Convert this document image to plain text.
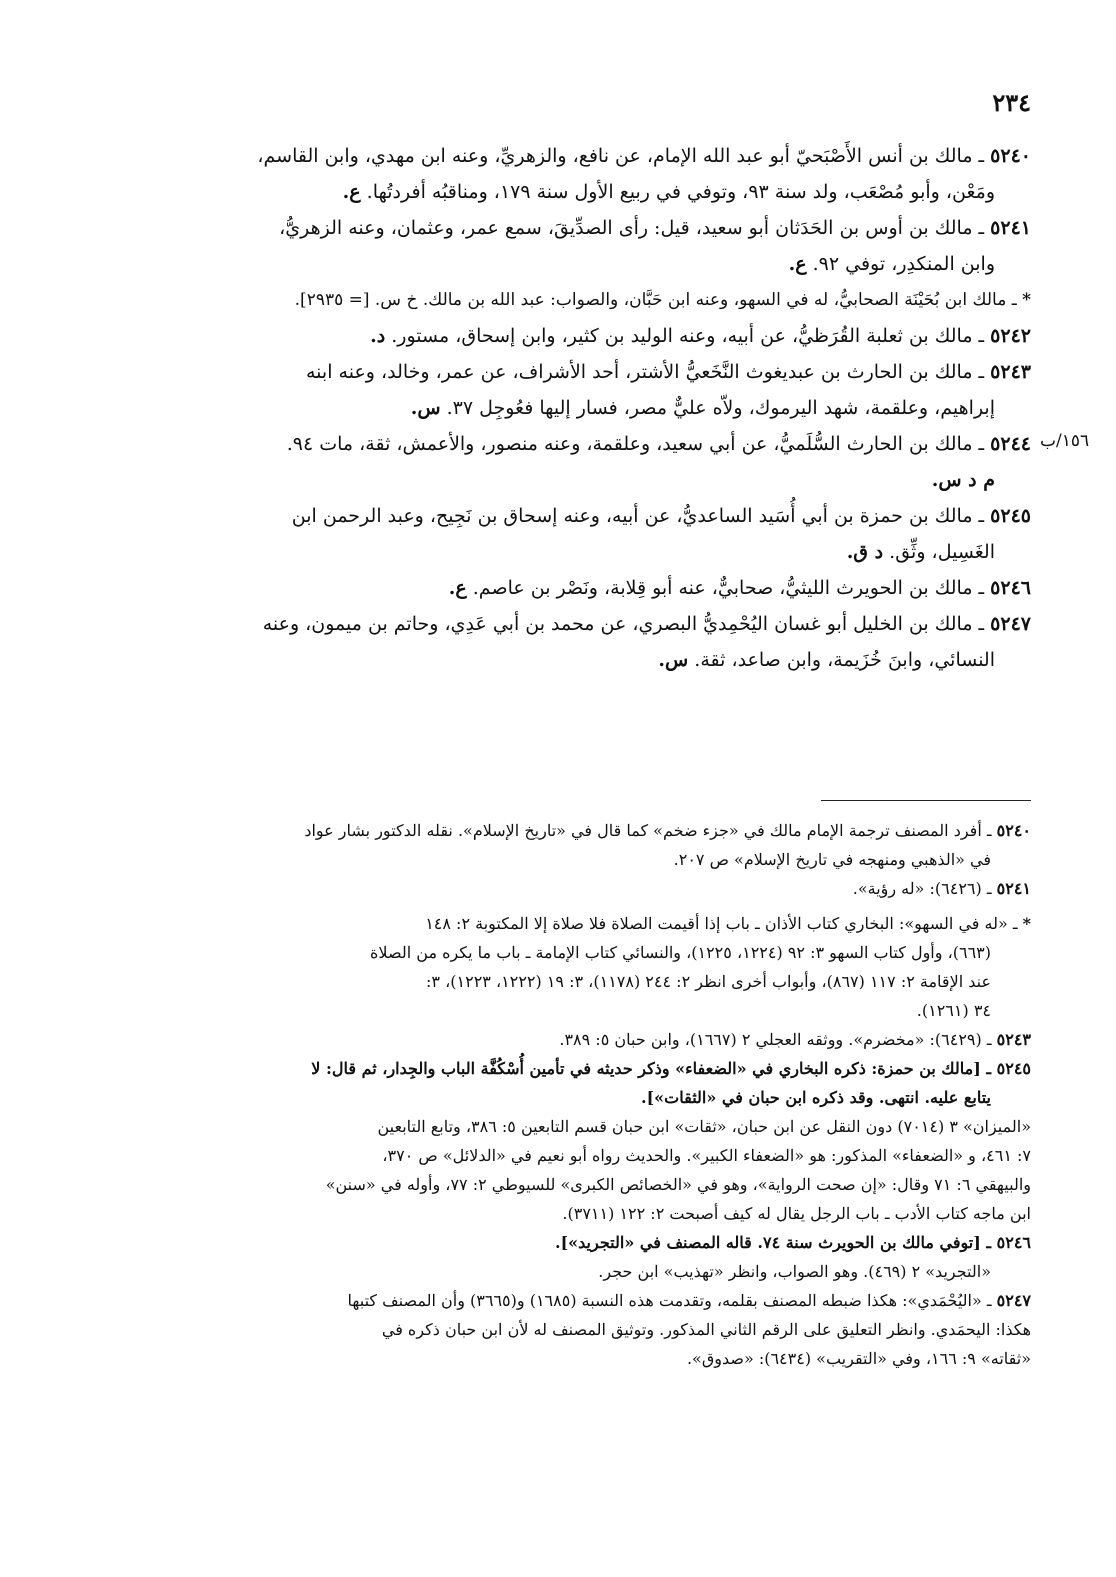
٢٣٤
١٥٦/ب

٥٢٤٠ ـ مالك بن أنس الأَصْبَحيّ أبو عبد الله الإمام، عن نافع، والزهريِّ، وعنه ابن مهدي، وابن القاسم،

ومَعْن، وأبو مُصْعَب، ولد سنة ٩٣، وتوفي في ربيع الأول سنة ١٧٩، ومناقبُه أفردتُها. ع.

٥٢٤١ ـ مالك بن أوس بن الحَدَثان أبو سعيد، قيل: رأى الصدِّيقَ، سمع عمر، وعثمان، وعنه الزهريُّ،

وابن المنكدِر، توفي ٩٢. ع.

* ـ مالك ابن بُحَيْنَة الصحابيُّ، له في السهو، وعنه ابن حَبَّان، والصواب: عبد الله بن مالك. خ س. [= ٢٩٣٥].

٥٢٤٢ ـ مالك بن ثعلبة القُرَظيُّ، عن أبيه، وعنه الوليد بن كثير، وابن إسحاق، مستور. د.

٥٢٤٣ ـ مالك بن الحارث بن عبديغوث النَّخَعيُّ الأشتر، أحد الأشراف، عن عمر، وخالد، وعنه ابنه

إبراهيم، وعلقمة، شهد اليرموك، ولاّه عليٌّ مصر، فسار إليها فعُوجِل ٣٧. س.

٥٢٤٤ ـ مالك بن الحارث السُّلَميُّ، عن أبي سعيد، وعلقمة، وعنه منصور، والأعمش، ثقة، مات ٩٤.

م د س.

٥٢٤٥ ـ مالك بن حمزة بن أبي أُسَيد الساعديُّ، عن أبيه، وعنه إسحاق بن نَجِيح، وعبد الرحمن ابن

الغَسِيل، وثِّق. د ق.

٥٢٤٦ ـ مالك بن الحويرث الليثيُّ، صحابيٌّ، عنه أبو قِلابة، ونَصْر بن عاصم. ع.

٥٢٤٧ ـ مالك بن الخليل أبو غسان اليُحْمِديُّ البصري، عن محمد بن أبي عَدِي، وحاتم بن ميمون، وعنه

النسائي، وابنَ خُزَيمة، وابن صاعد، ثقة. س.

٥٢٤٠ ـ أفرد المصنف ترجمة الإمام مالك في «جزء ضخم» كما قال في «تاريخ الإسلام». نقله الدكتور بشار عواد

في «الذهبي ومنهجه في تاريخ الإسلام» ص ٢٠٧.

٥٢٤١ ـ (٦٤٢٦): «له رؤية».

* ـ «له في السهو»: البخاري كتاب الأذان ـ باب إذا أقيمت الصلاة فلا صلاة إلا المكتوبة ٢: ١٤٨

(٦٦٣)، وأول كتاب السهو ٣: ٩٢ (١٢٢٤، ١٢٢٥)، والنسائي كتاب الإمامة ـ باب ما يكره من الصلاة

عند الإقامة ٢: ١١٧ (٨٦٧)، وأبواب أخرى انظر ٢: ٢٤٤ (١١٧٨)، ٣: ١٩ (١٢٢٢، ١٢٢٣)، ٣:

٣٤ (١٢٦١).

٥٢٤٣ ـ (٦٤٢٩): «مخضرم». ووثقه العجلي ٢ (١٦٦٧)، وابن حبان ٥: ٣٨٩.

٥٢٤٥ ـ [مالك بن حمزة: ذكره البخاري في «الضعفاء» وذكر حديثه في تأمين أُسْكُفَّة الباب والجِدار، ثم قال: لا

يتابع عليه. انتهى. وقد ذكره ابن حبان في «الثقات»].

«الميزان» ٣ (٧٠١٤) دون النقل عن ابن حبان، «ثقات» ابن حبان قسم التابعين ٥: ٣٨٦، وتابع التابعين

٧: ٤٦١، و «الضعفاء» المذكور: هو «الضعفاء الكبير». والحديث رواه أبو نعيم في «الدلائل» ص ٣٧٠،

والبيهقي ٦: ٧١ وقال: «إن صحت الرواية»، وهو في «الخصائص الكبرى» للسيوطي ٢: ٧٧، وأوله في «سنن»

ابن ماجه كتاب الأدب ـ باب الرجل يقال له كيف أصبحت ٢: ١٢٢ (٣٧١١).

٥٢٤٦ ـ [توفي مالك بن الحويرث سنة ٧٤. قاله المصنف في «التجريد»].

«التجريد» ٢ (٤٦٩). وهو الصواب، وانظر «تهذيب» ابن حجر.

٥٢٤٧ ـ «اليُحْمَدي»: هكذا ضبطه المصنف بقلمه، وتقدمت هذه النسبة (١٦٨٥) و(٣٦٦٥) وأن المصنف كتبها

هكذا: اليحمَدي. وانظر التعليق على الرقم الثاني المذكور. وتوثيق المصنف له لأن ابن حبان ذكره في

«ثقاته» ٩: ١٦٦، وفي «التقريب» (٦٤٣٤): «صدوق».
